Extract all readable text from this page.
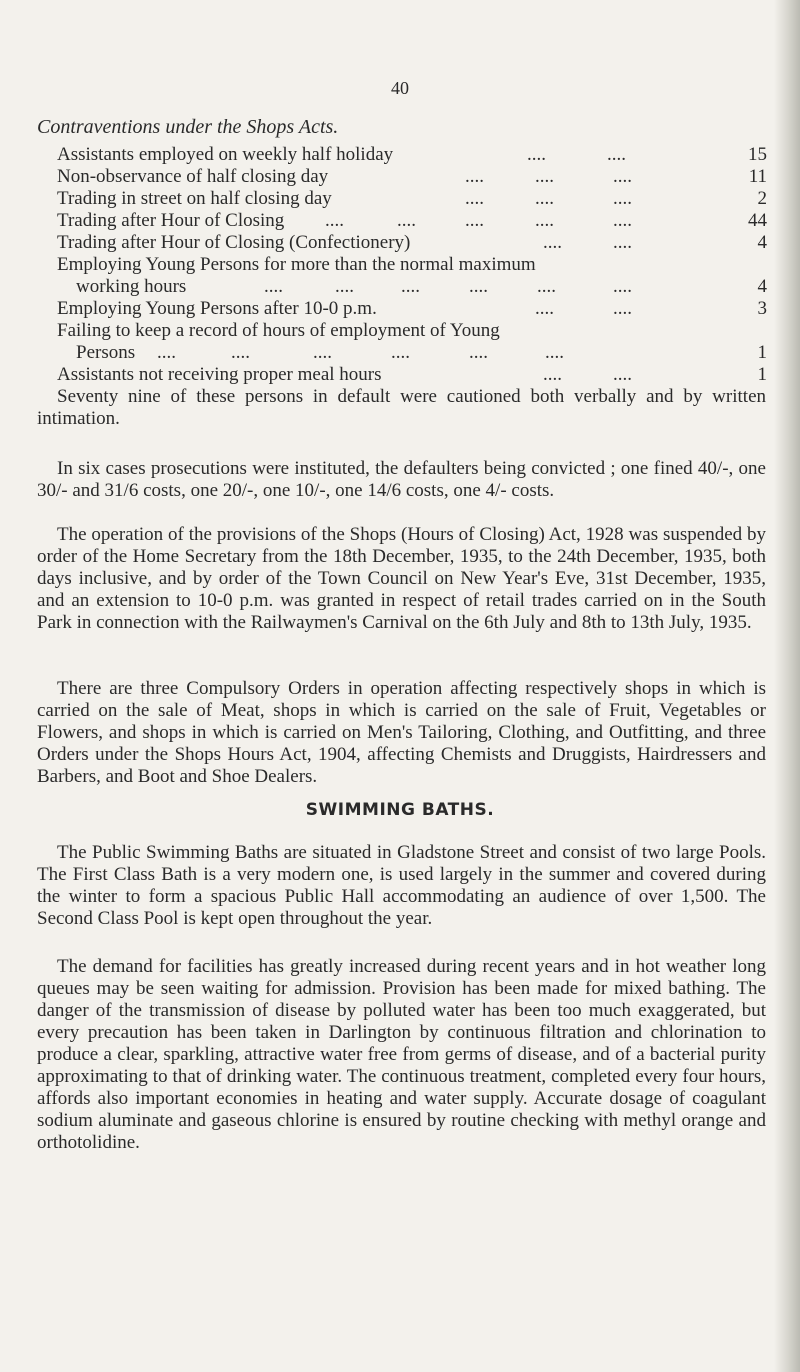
40
Contraventions under the Shops Acts.
Assistants employed on weekly half holiday	....	....	15
Non-observance of half closing day	....	....	....	11
Trading in street on half closing day	....	....	....	2
Trading after Hour of Closing ....	....	....	....	....	44
Trading after Hour of Closing (Confectionery)	....	....	4
Employing Young Persons for more than the normal maximum
working hours	....	.... ....	....	....	....	4
Employing Young Persons after 10-0 p.m.	....	....	3
Failing to keep a record of hours of employment of Young
Persons ....	....	....	....	....	....	1
Assistants not receiving proper meal hours	....	....	1

Seventy nine of these persons in default were cautioned both verbally and by written intimation.

In six cases prosecutions were instituted, the defaulters being convicted ; one fined 40/-, one 30/- and 31/6 costs, one 20/-, one 10/-, one 14/6 costs, one 4/- costs.

The operation of the provisions of the Shops (Hours of Closing) Act, 1928 was suspended by order of the Home Secretary from the 18th December, 1935, to the 24th December, 1935, both days inclusive, and by order of the Town Council on New Year's Eve, 31st December, 1935, and an extension to 10-0 p.m. was granted in respect of retail trades carried on in the South Park in connection with the Railwaymen's Carnival on the 6th July and 8th to 13th July, 1935.

There are three Compulsory Orders in operation affecting respectively shops in which is carried on the sale of Meat, shops in which is carried on the sale of Fruit, Vegetables or Flowers, and shops in which is carried on Men's Tailoring, Clothing, and Outfitting, and three Orders under the Shops Hours Act, 1904, affecting Chemists and Druggists, Hairdressers and Barbers, and Boot and Shoe Dealers.

SWIMMING BATHS.

The Public Swimming Baths are situated in Gladstone Street and consist of two large Pools. The First Class Bath is a very modern one, is used largely in the summer and covered during the winter to form a spacious Public Hall accommodating an audience of over 1,500. The Second Class Pool is kept open throughout the year.

The demand for facilities has greatly increased during recent years and in hot weather long queues may be seen waiting for admission. Provision has been made for mixed bathing. The danger of the transmission of disease by polluted water has been too much exaggerated, but every precaution has been taken in Darlington by continuous filtration and chlorination to produce a clear, sparkling, attractive water free from germs of disease, and of a bacterial purity approximating to that of drinking water. The continuous treatment, completed every four hours, affords also important economies in heating and water supply. Accurate dosage of coagulant sodium aluminate and gaseous chlorine is ensured by routine checking with methyl orange and orthotolidine.
